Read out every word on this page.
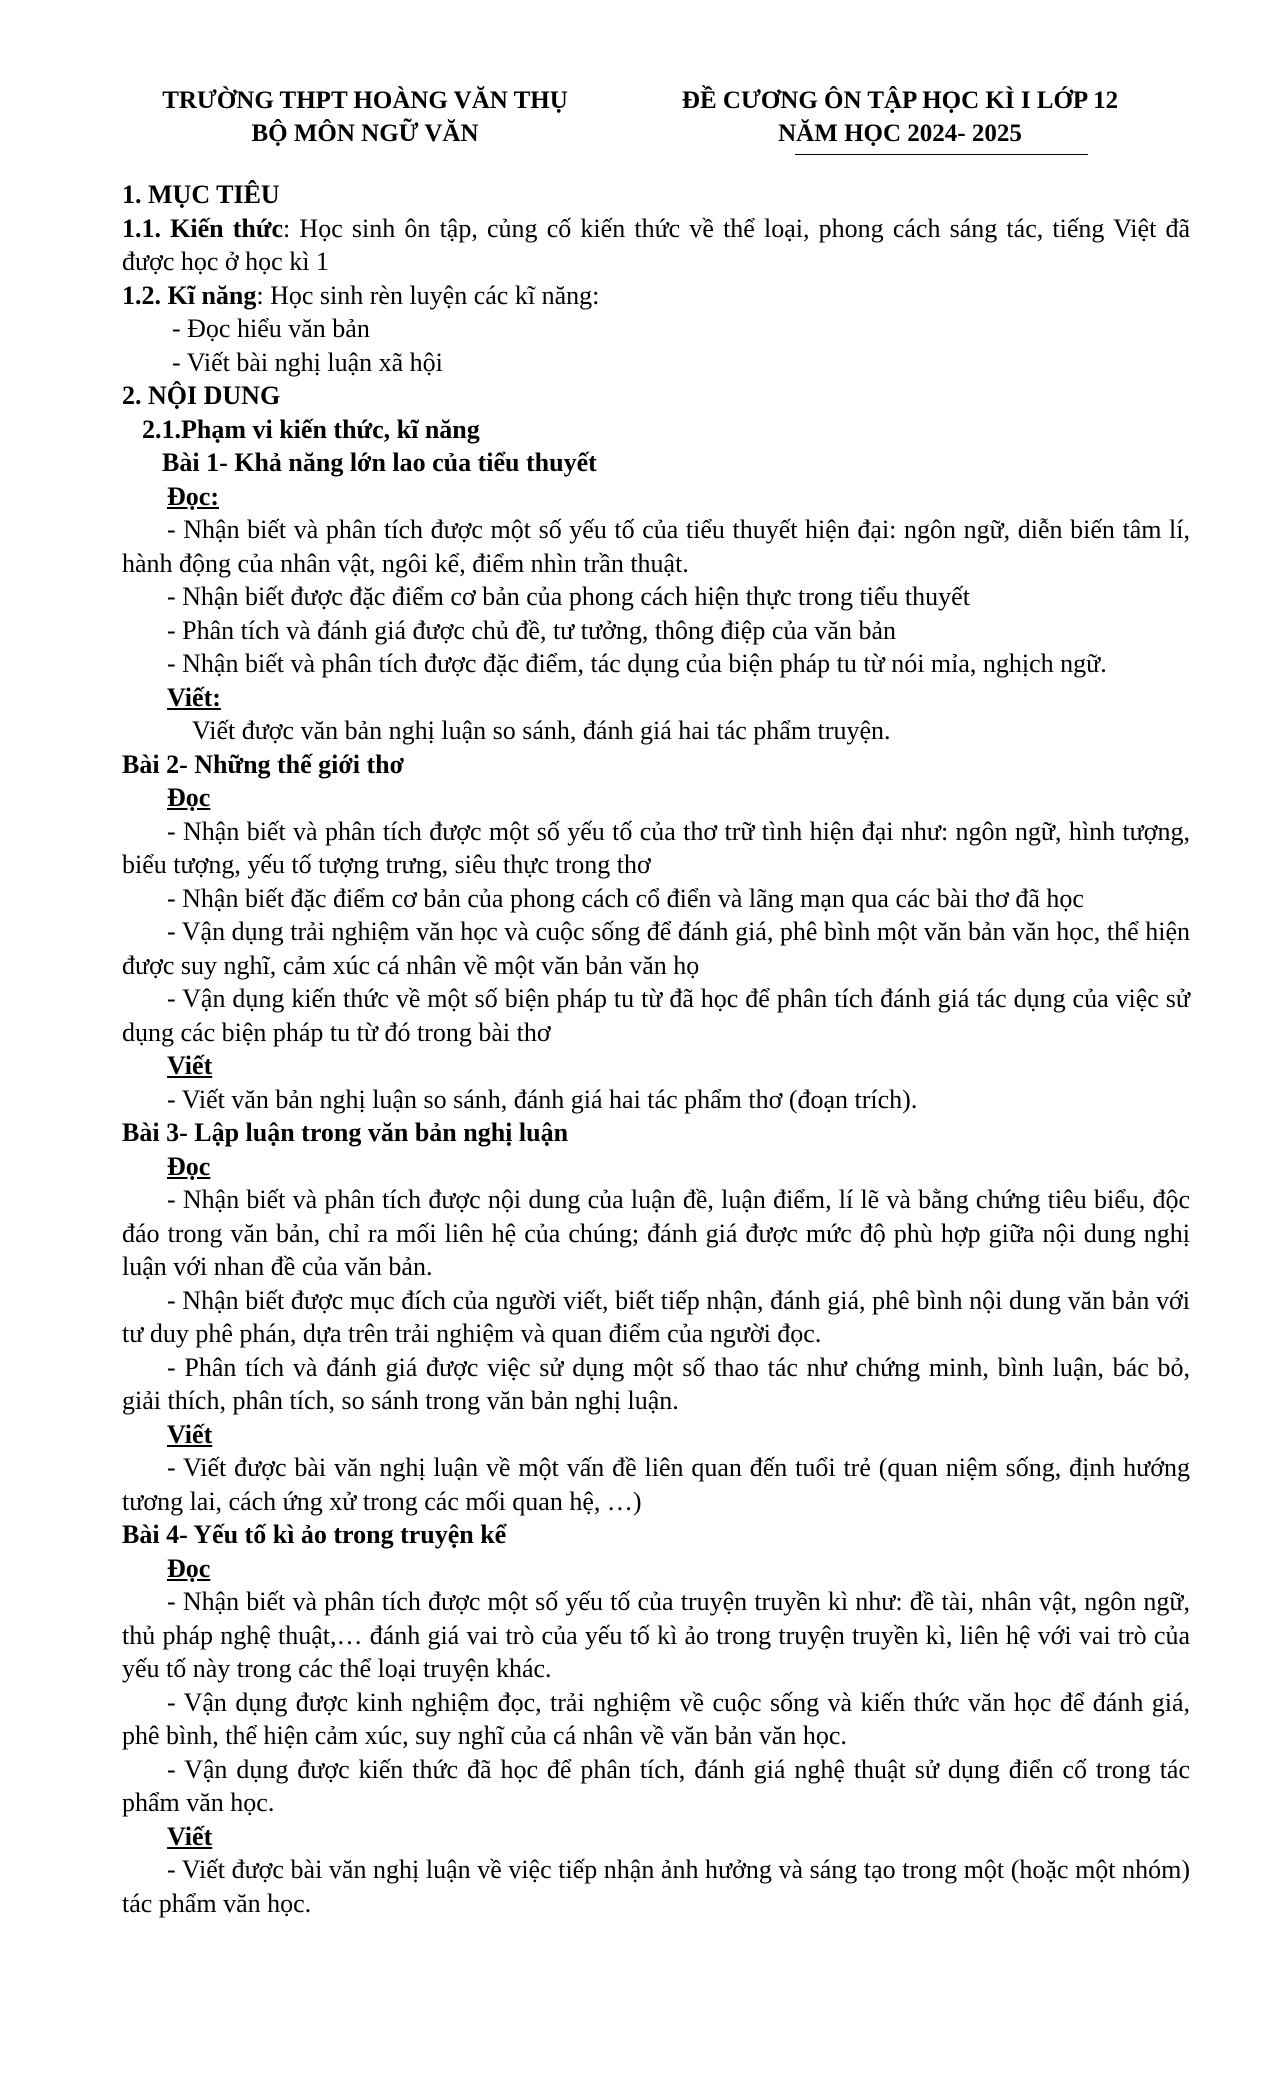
TRƯỜNG THPT HOÀNG VĂN THỤ
BỘ MÔN NGỮ VĂN
ĐỀ CƯƠNG ÔN TẬP HỌC KÌ I LỚP 12
NĂM HỌC 2024- 2025

1. MỤC TIÊU

1.1. Kiến thức: Học sinh ôn tập, củng cố kiến thức về thể loại, phong cách sáng tác, tiếng Việt đã được học ở học kì 1

1.2. Kĩ năng: Học sinh rèn luyện các kĩ năng:

- Đọc hiểu văn bản

- Viết bài nghị luận xã hội

2. NỘI DUNG

2.1.Phạm vi kiến thức, kĩ năng

Bài 1- Khả năng lớn lao của tiểu thuyết

Đọc:

- Nhận biết và phân tích được một số yếu tố của tiểu thuyết hiện đại: ngôn ngữ, diễn biến tâm lí, hành động của nhân vật, ngôi kể, điểm nhìn trần thuật.

- Nhận biết được đặc điểm cơ bản của phong cách hiện thực trong tiểu thuyết

- Phân tích và đánh giá được chủ đề, tư tưởng, thông điệp của văn bản

- Nhận biết và phân tích được đặc điểm, tác dụng của biện pháp tu từ nói mỉa, nghịch ngữ.

Viết:

Viết được văn bản nghị luận so sánh, đánh giá hai tác phẩm truyện.

Bài 2- Những thế giới thơ

Đọc

- Nhận biết và phân tích được một số yếu tố của thơ trữ tình hiện đại như: ngôn ngữ, hình tượng, biểu tượng, yếu tố tượng trưng, siêu thực trong thơ

- Nhận biết đặc điểm cơ bản của phong cách cổ điển và lãng mạn qua các bài thơ đã học

- Vận dụng trải nghiệm văn học và cuộc sống để đánh giá, phê bình một văn bản văn học, thể hiện được suy nghĩ, cảm xúc cá nhân về một văn bản văn họ

- Vận dụng kiến thức về một số biện pháp tu từ đã học để phân tích đánh giá tác dụng của việc sử dụng các biện pháp tu từ đó trong bài thơ

Viết

- Viết văn bản nghị luận so sánh, đánh giá hai tác phẩm thơ (đoạn trích).

Bài 3- Lập luận trong văn bản nghị luận

Đọc

- Nhận biết và phân tích được nội dung của luận đề, luận điểm, lí lẽ và bằng chứng tiêu biểu, độc đáo trong văn bản, chỉ ra mối liên hệ của chúng; đánh giá được mức độ phù hợp giữa nội dung nghị luận với nhan đề của văn bản.

- Nhận biết được mục đích của người viết, biết tiếp nhận, đánh giá, phê bình nội dung văn bản với tư duy phê phán, dựa trên trải nghiệm và quan điểm của người đọc.

- Phân tích và đánh giá được việc sử dụng một số thao tác như chứng minh, bình luận, bác bỏ, giải thích, phân tích, so sánh trong văn bản nghị luận.

Viết

- Viết được bài văn nghị luận về một vấn đề liên quan đến tuổi trẻ (quan niệm sống, định hướng tương lai, cách ứng xử trong các mối quan hệ, …)

Bài 4- Yếu tố kì ảo trong truyện kể

Đọc

- Nhận biết và phân tích được một số yếu tố của truyện truyền kì như: đề tài, nhân vật, ngôn ngữ, thủ pháp nghệ thuật,… đánh giá vai trò của yếu tố kì ảo trong truyện truyền kì, liên hệ với vai trò của yếu tố này trong các thể loại truyện khác.

- Vận dụng được kinh nghiệm đọc, trải nghiệm về cuộc sống và kiến thức văn học để đánh giá, phê bình, thể hiện cảm xúc, suy nghĩ của cá nhân về văn bản văn học.

- Vận dụng được kiến thức đã học để phân tích, đánh giá nghệ thuật sử dụng điển cố trong tác phẩm văn học.

Viết

- Viết được bài văn nghị luận về việc tiếp nhận ảnh hưởng và sáng tạo trong một (hoặc một nhóm) tác phẩm văn học.
